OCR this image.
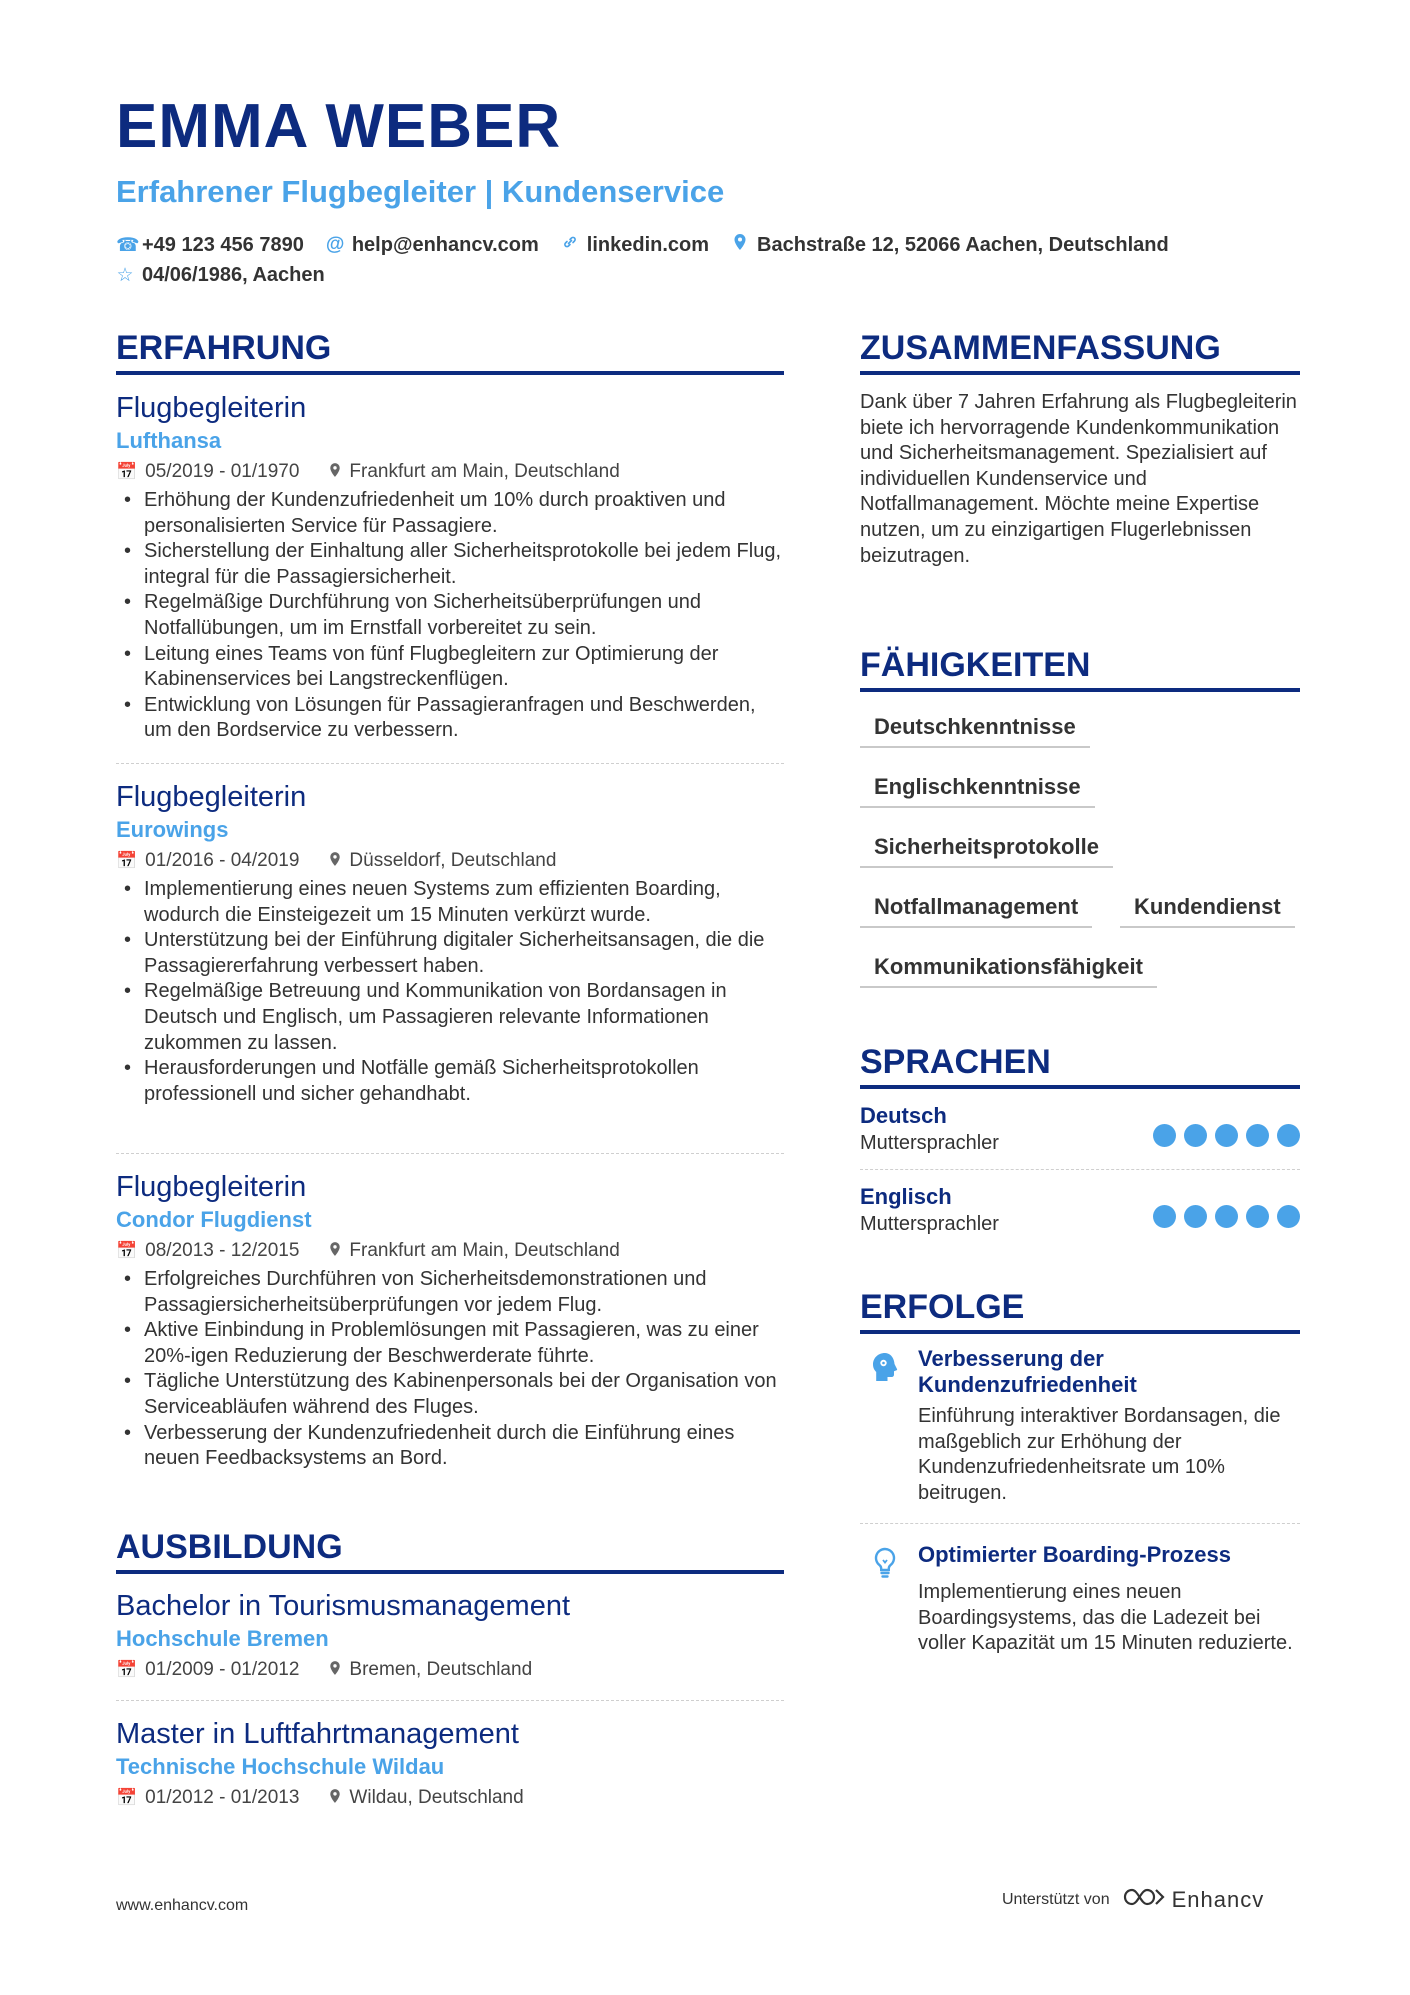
EMMA WEBER
Erfahrener Flugbegleiter | Kundenservice
☎ +49 123 456 7890 @ help@enhancv.com linkedin.com Bachstraße 12, 52066 Aachen, Deutschland
☆ 04/06/1986, Aachen
ERFAHRUNG
Flugbegleiterin
Lufthansa
📅 05/2019 - 01/1970	Frankfurt am Main, Deutschland
• Erhöhung der Kundenzufriedenheit um 10% durch proaktiven und personalisierten Service für Passagiere.
• Sicherstellung der Einhaltung aller Sicherheitsprotokolle bei jedem Flug, integral für die Passagiersicherheit.
• Regelmäßige Durchführung von Sicherheitsüberprüfungen und Notfallübungen, um im Ernstfall vorbereitet zu sein.
• Leitung eines Teams von fünf Flugbegleitern zur Optimierung der Kabinenservices bei Langstreckenflügen.
• Entwicklung von Lösungen für Passagieranfragen und Beschwerden, um den Bordservice zu verbessern.
Flugbegleiterin
Eurowings
📅 01/2016 - 04/2019	Düsseldorf, Deutschland
• Implementierung eines neuen Systems zum effizienten Boarding, wodurch die Einsteigezeit um 15 Minuten verkürzt wurde.
• Unterstützung bei der Einführung digitaler Sicherheitsansagen, die die Passagiererfahrung verbessert haben.
• Regelmäßige Betreuung und Kommunikation von Bordansagen in Deutsch und Englisch, um Passagieren relevante Informationen zukommen zu lassen.
• Herausforderungen und Notfälle gemäß Sicherheitsprotokollen professionell und sicher gehandhabt.
Flugbegleiterin
Condor Flugdienst
📅 08/2013 - 12/2015	Frankfurt am Main, Deutschland
• Erfolgreiches Durchführen von Sicherheitsdemonstrationen und Passagiersicherheitsüberprüfungen vor jedem Flug.
• Aktive Einbindung in Problemlösungen mit Passagieren, was zu einer 20%-igen Reduzierung der Beschwerderate führte.
• Tägliche Unterstützung des Kabinenpersonals bei der Organisation von Serviceabläufen während des Fluges.
• Verbesserung der Kundenzufriedenheit durch die Einführung eines neuen Feedbacksystems an Bord.
AUSBILDUNG
Bachelor in Tourismusmanagement
Hochschule Bremen
📅 01/2009 - 01/2012	Bremen, Deutschland
Master in Luftfahrtmanagement
Technische Hochschule Wildau
📅 01/2012 - 01/2013	Wildau, Deutschland
ZUSAMMENFASSUNG
Dank über 7 Jahren Erfahrung als Flugbegleiterin biete ich hervorragende Kundenkommunikation und Sicherheitsmanagement. Spezialisiert auf individuellen Kundenservice und Notfallmanagement. Möchte meine Expertise nutzen, um zu einzigartigen Flugerlebnissen beizutragen.
FÄHIGKEITEN
Deutschkenntnisse
Englischkenntnisse
Sicherheitsprotokolle
Notfallmanagement	Kundendienst
Kommunikationsfähigkeit
SPRACHEN
Deutsch
Muttersprachler
Englisch
Muttersprachler
ERFOLGE
Verbesserung der Kundenzufriedenheit
Einführung interaktiver Bordansagen, die maßgeblich zur Erhöhung der Kundenzufriedenheitsrate um 10% beitrugen.
Optimierter Boarding-Prozess
Implementierung eines neuen Boardingsystems, das die Ladezeit bei voller Kapazität um 15 Minuten reduzierte.
www.enhancv.com	Unterstützt von	Enhancv
